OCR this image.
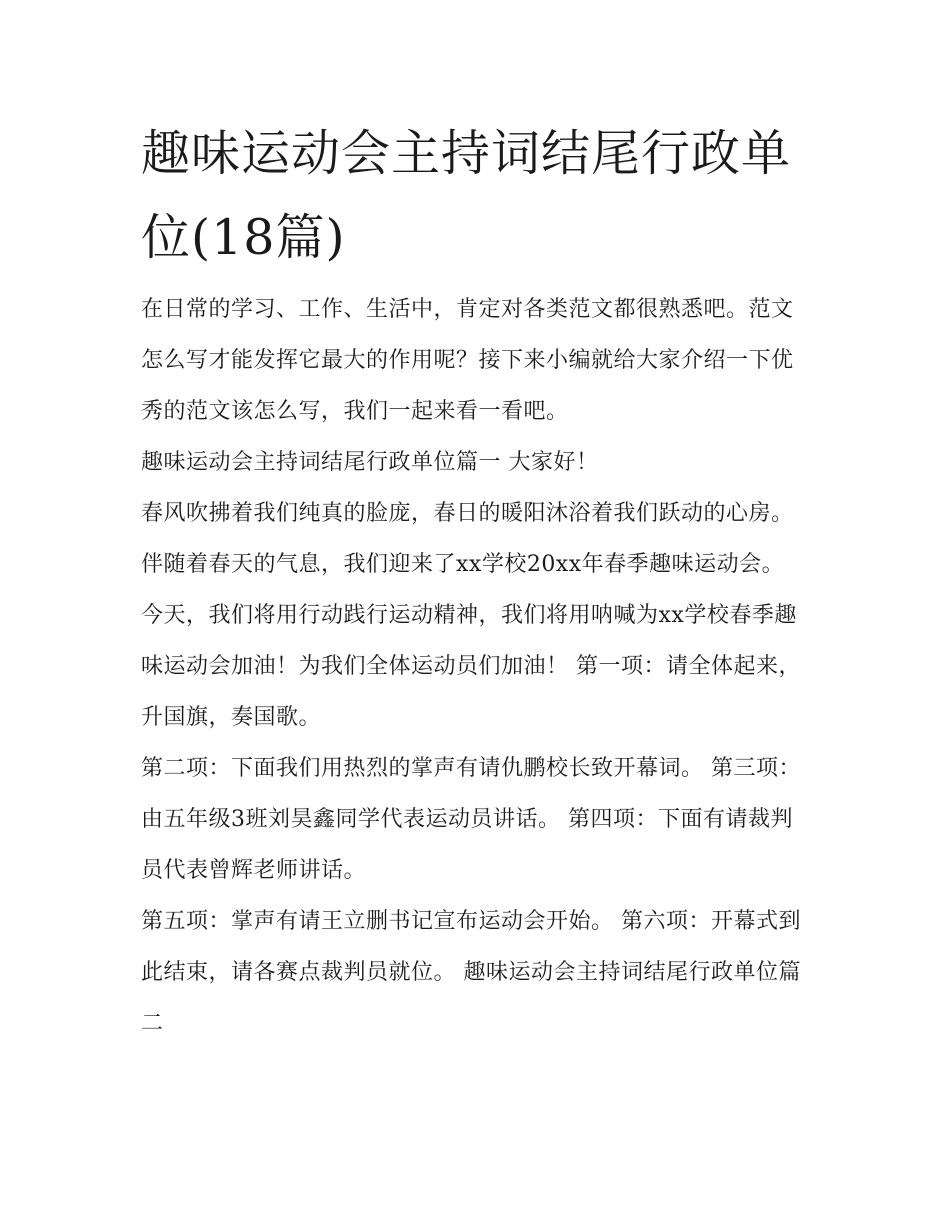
趣味运动会主持词结尾行政单位(18篇)

在日常的学习、工作、生活中，肯定对各类范文都很熟悉吧。范文怎么写才能发挥它最大的作用呢？接下来小编就给大家介绍一下优秀的范文该怎么写，我们一起来看一看吧。

趣味运动会主持词结尾行政单位篇一 大家好！

春风吹拂着我们纯真的脸庞，春日的暖阳沐浴着我们跃动的心房。伴随着春天的气息，我们迎来了xx学校20xx年春季趣味运动会。

今天，我们将用行动践行运动精神，我们将用呐喊为xx学校春季趣味运动会加油！为我们全体运动员们加油！ 第一项：请全体起来，升国旗，奏国歌。

第二项：下面我们用热烈的掌声有请仇鹏校长致开幕词。 第三项：由五年级3班刘昊鑫同学代表运动员讲话。 第四项：下面有请裁判员代表曾辉老师讲话。

第五项：掌声有请王立删书记宣布运动会开始。 第六项：开幕式到此结束，请各赛点裁判员就位。 趣味运动会主持词结尾行政单位篇二
